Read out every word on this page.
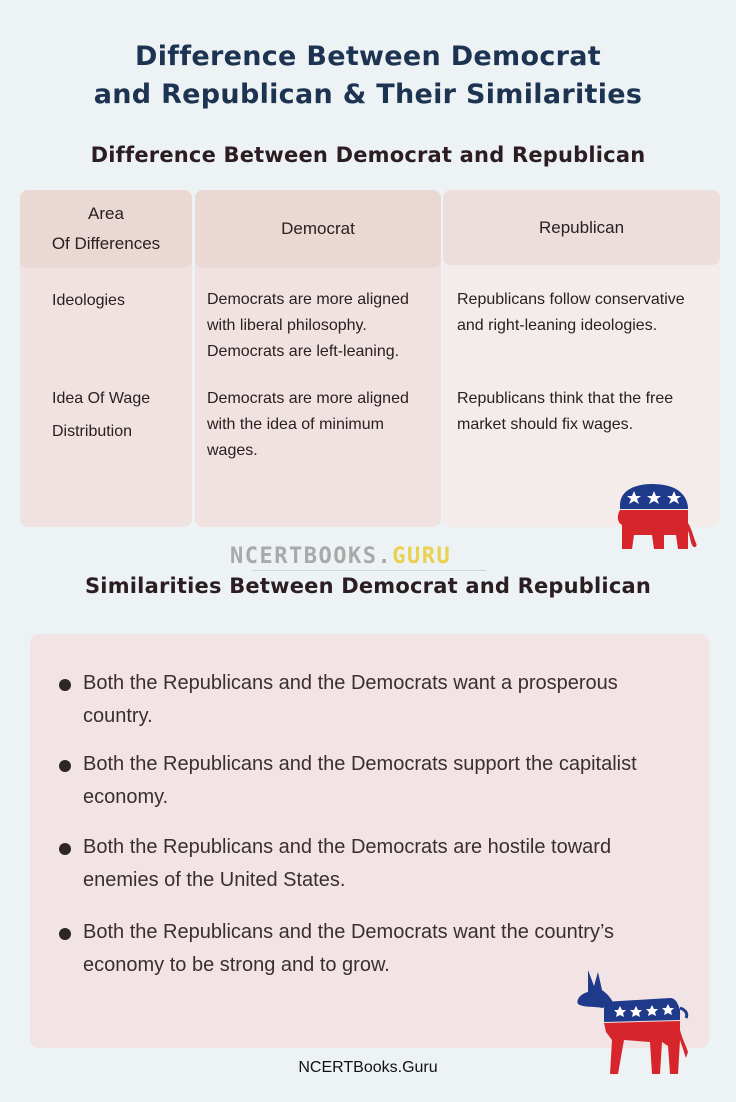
Difference Between Democrat
and Republican & Their Similarities
Difference Between Democrat and Republican
Area
Of Differences
Ideologies
Idea Of Wage Distribution
Democrat
Democrats are more aligned with liberal philosophy. Democrats are left-leaning.
Democrats are more aligned with the idea of minimum wages.
Republican
Republicans follow conservative and right-leaning ideologies.
Republicans think that the free market should fix wages.
NCERTBOOKS.GURU
Similarities Between Democrat and Republican
Both the Republicans and the Democrats want a prosperous country.
Both the Republicans and the Democrats support the capitalist economy.
Both the Republicans and the Democrats are hostile toward enemies of the United States.
Both the Republicans and the Democrats want the country’s economy to be strong and to grow.
NCERTBooks.Guru
